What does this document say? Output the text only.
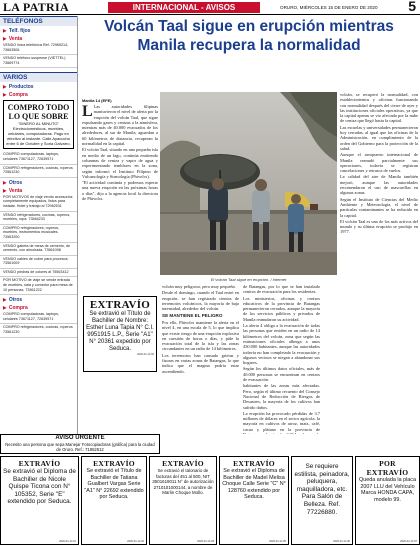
LA PATRIA	INTERNACIONAL - AVISOS	ORURO, MIÉRCOLES 15 DE ENERO DE 2020 5
TELÉFONOS
▶ Telf. fijos
▶ Venta
VENDO línea telefónica Ref. 72965214, 73663506
VENDO teléfono suspense (VIETTEL) 73669774
VARIOS
▶ Productos
▶ Compra
COMPRO TODO LO QUE SOBRE
"DINERO AL MINUTO" Electrodomésticos, muebles, celulares, computadoras. Pago en efectivo al instante. Calle Ayacucho entre 6 de Octubre y Soria Galvarro.
COMPRO computadoras, laptops, celulares 73671127, 72639571
COMPRO refrigeradores, cocinas, roperos 73561230
▶ Otros
▶ Venta
POR MOTIVOS de viaje vendo accesorios completamente equipados, listos para instalar. Hotel y trabajo al 72962531
VENDO refrigeradores, cocinas, roperos, muebles, ropa. 73564233
COMPRO refrigeradores, roperos, muebles, instrumentos musicales. 73563200
VENDO gabeta de mesa de cemento, de cemento, con almohada. 73561008
VENDO cables de cobre para procesos. 73561009
VENDO piedras de colores al 75563412
POR MOTIVO de viaje se vende entrada de muebles, sala y comedor para mesa de 10 personas. 73561222
▶ Otros
▶ Compra
COMPRO computadoras, laptops, celulares 73671127, 72639571
COMPRO refrigeradores, cocinas, roperos 73561230
Volcán Taal sigue en erupción mientras Manila recupera la normalidad

L Las autoridades filipinas mantuvieron el nivel de alerta por la erupción del volcán Taal, que sigue expulsando gases y cenizas a la atmósfera, mientras más de 40.000 evacuados de los alrededores, al sur de Manila, aguardan a 60 kilómetros de distancia, recuperan la normalidad en la capital.

El volcán Taal, situado en una pequeña isla en medio de un lago, continúa emitiendo columnas de ceniza y vapor de agua y experimentando temblores en la zona, según informó el Instituto Filipino de Vulcanología y Sismología (Phivolcs).

"El actividad continúa y podemos esperar una nueva erupción en las próximas horas o días", dijo a la agencia local la directora de Phivolcs.

Manila 14 (EFE)

volcán muy peligroso, pero muy pequeño.

Desde el domingo, cuando el Taal entró en erupción, se han registrado cientos de terremotos volcánicos, la mayoría de baja intensidad, alrededor del volcán.

SE MANTIENE EL PELIGRO

Por ello, Phivolcs mantiene la alerta en el nivel 4, en una escala de 5, lo que implica que existe riesgo de una erupción explosiva en cuestión de horas o días, y pide la evacuación total de la isla y las zonas circundantes en un radio de 14 kilómetros.

Los terremotos han causado grietas y fisuras en varias zonas de Batangas, lo que indica que el magma podría estar ascendiendo.

de Batangas, por lo que se han instalado centros de evacuación para los residentes.

Los ministerios, oficinas y centros educativos de la provincia de Batangas permanecieron cerrados, aunque la mayoría de los servicios públicos y privados de Manila reanudaron su actividad.

La alerta 4 obliga a la evacuación de todas las personas que residen en un radio de 14 kilómetros del volcán, zona que según las estimaciones oficiales alberga a unos 450.000 habitantes, aunque las autoridades todavía no han completado la evacuación y algunos vecinos se niegan a abandonar sus hogares.

Según los últimos datos oficiales, más de 40.000 personas se encuentran en centros de evacuación.

habitantes de las zonas más afectadas. Pero, según el último recuento del Consejo Nacional de Reducción de Riesgos de Desastres, la mayoría de los cultivos han sufrido daños.

La erupción ha provocado pérdidas de 3.7 millones de dólares en el sector agrícola, la mayoría en cultivos de arroz, maíz, café, cacao y plátano en la provincia de

volcán, se recuperó la normalidad, con establecimientos y oficinas funcionando con normalidad después del cierre de ayer y las instituciones oficiales operativas, ya que la capital apenas se vio afectada por la nube de ceniza que llegó hasta la capital.

Las escuelas y universidades permanecieron hoy cerradas, al igual que las oficinas de la Administración, en cumplimiento de la orden del Gobierno para la protección de la salud.

Aunque el aeropuerto internacional de Manila reanudó parcialmente sus operaciones, todavía se registran cancelaciones y retrasos de vuelos.

La calidad del aire de Manila también mejoró, aunque las autoridades recomendaron el uso de mascarillas en algunas zonas.

Según el Instituto de Ciencias del Medio Ambiente y Meteorología, el nivel de partículas contaminantes se ha reducido en la capital.

El volcán Taal es uno de los más activos del mundo y su última erupción se produjo en 1977.

El volcán Taal sigue en erupción. / Internet
EXTRAVÍO
Se extravió el Título de Bachiller de Nombre: Esther Luna Tapia N° C.I. 9951915 L.P., Serie "A1" N° 20361 expedido por Seduca.
2020-01-14 04
AVISO URGENTE
Necesito una persona que sepa Manejar Fotocopiadoras (gráfica) para la ciudad de Oruro. Ref.: 71852612
EXTRAVÍO
Se extravió el Diploma de Bachiller de Nicole Quispe Ticona con N° 105352, Serie "E" extendido por Seduca.
2020-01-14 01
EXTRAVÍO
Se extravió el Título de Bachiller de Tatiana Gualbert Vargas Serie "A1" N° 22692 extendido por Seduca.
2020-01-14 02
EXTRAVÍO
Se extravió el talonario de facturas del 451 al 500, NIT 3501619011 N° de autorización 2710101000144, a nombre de Marlin Choque Mollo.
2020-01-14 03
EXTRAVÍO
Se extravió el Diploma de Bachiller de Madel Melisa Choque Calle Serie "C" N° 128760 extendido por Seduca.
2020-01-14 05
Se requiere estilista, peinadora, peluquera, maquilladora, etc. Para Salón de Belleza. Ref. 77226880.
2020-01-14 06
POR EXTRAVÍO
Queda anulada la placa 2007 LLU del Vehículo Marca HONDA CAPA, modelo 99.
2020-01-14 07
